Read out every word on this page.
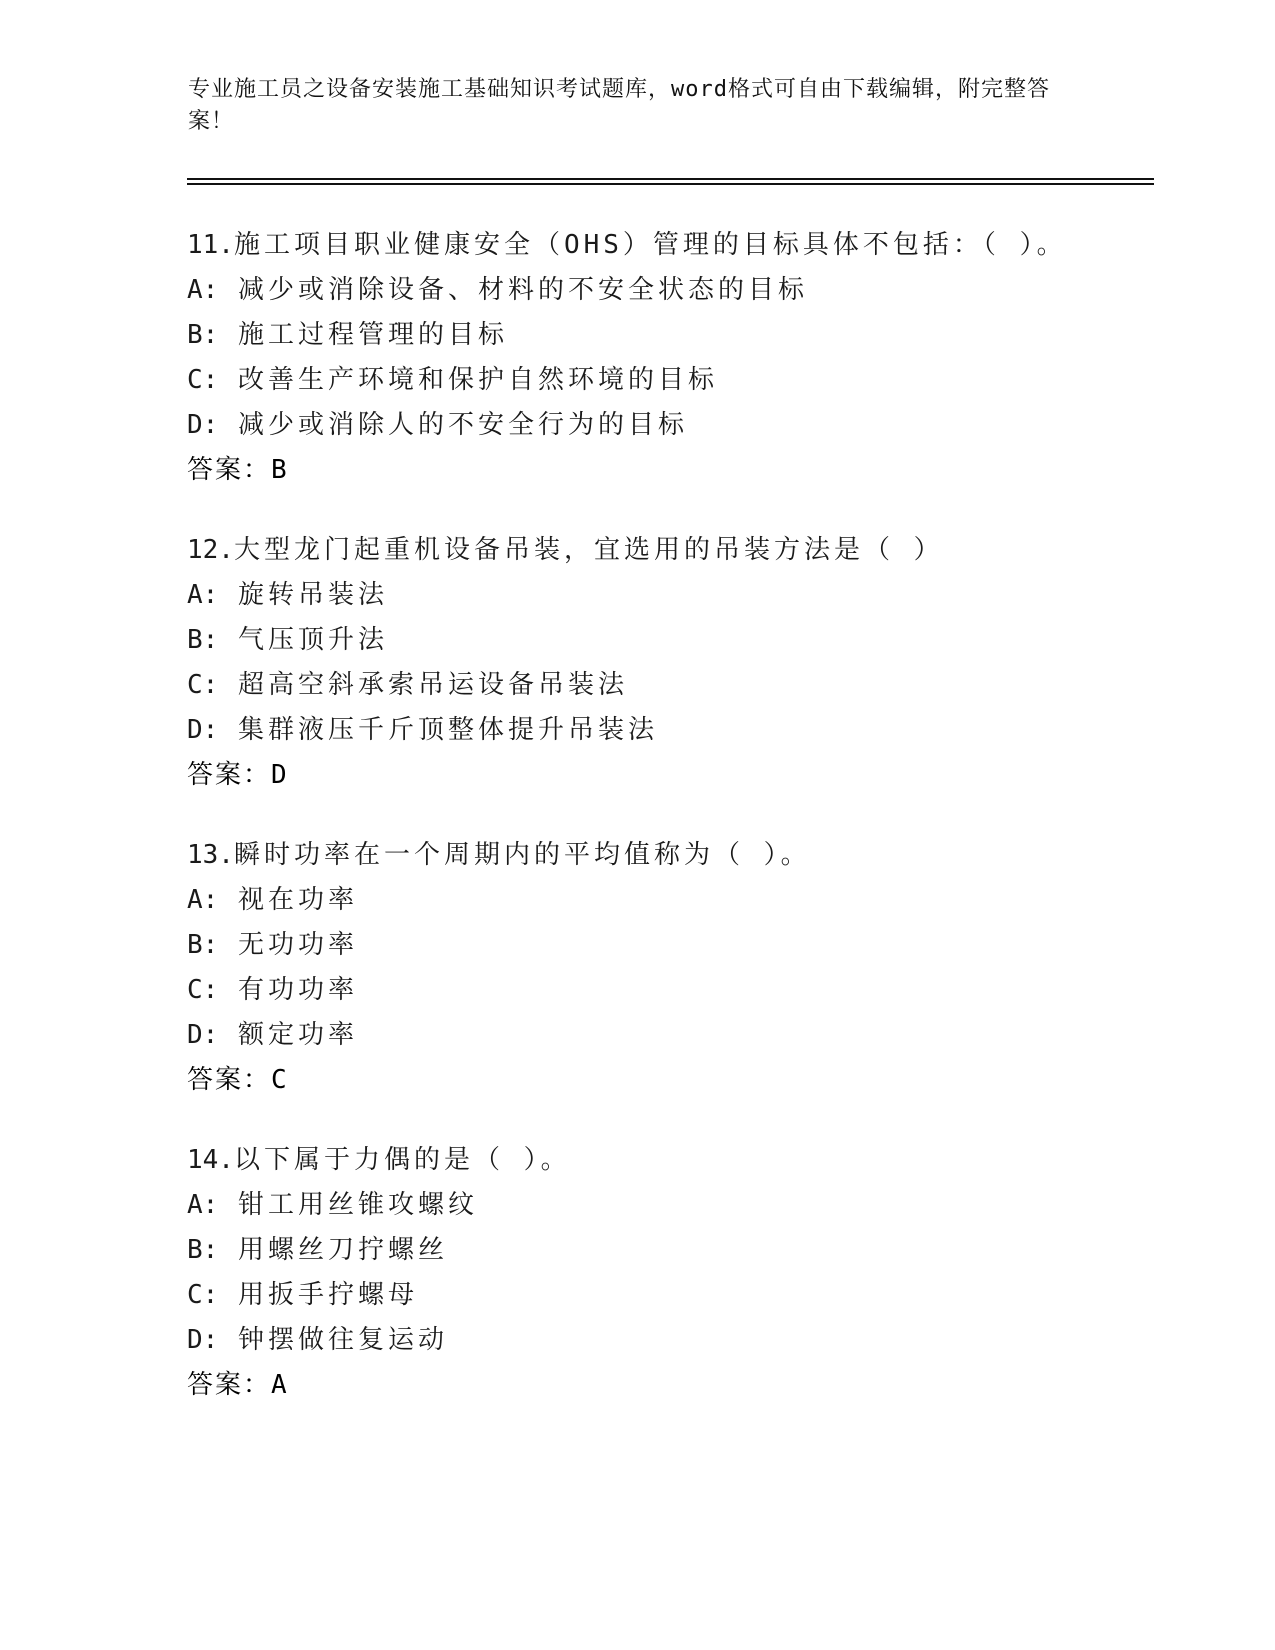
专业施工员之设备安装施工基础知识考试题库，word格式可自由下载编辑，附完整答案！
11.施工项目职业健康安全（OHS）管理的目标具体不包括：（ ）。
A: 减少或消除设备、材料的不安全状态的目标
B: 施工过程管理的目标
C: 改善生产环境和保护自然环境的目标
D: 减少或消除人的不安全行为的目标
答案：B
12.大型龙门起重机设备吊装，宜选用的吊装方法是（ ）
A: 旋转吊装法
B: 气压顶升法
C: 超高空斜承索吊运设备吊装法
D: 集群液压千斤顶整体提升吊装法
答案：D
13.瞬时功率在一个周期内的平均值称为（ ）。
A: 视在功率
B: 无功功率
C: 有功功率
D: 额定功率
答案：C
14.以下属于力偶的是（ ）。
A: 钳工用丝锥攻螺纹
B: 用螺丝刀拧螺丝
C: 用扳手拧螺母
D: 钟摆做往复运动
答案：A
